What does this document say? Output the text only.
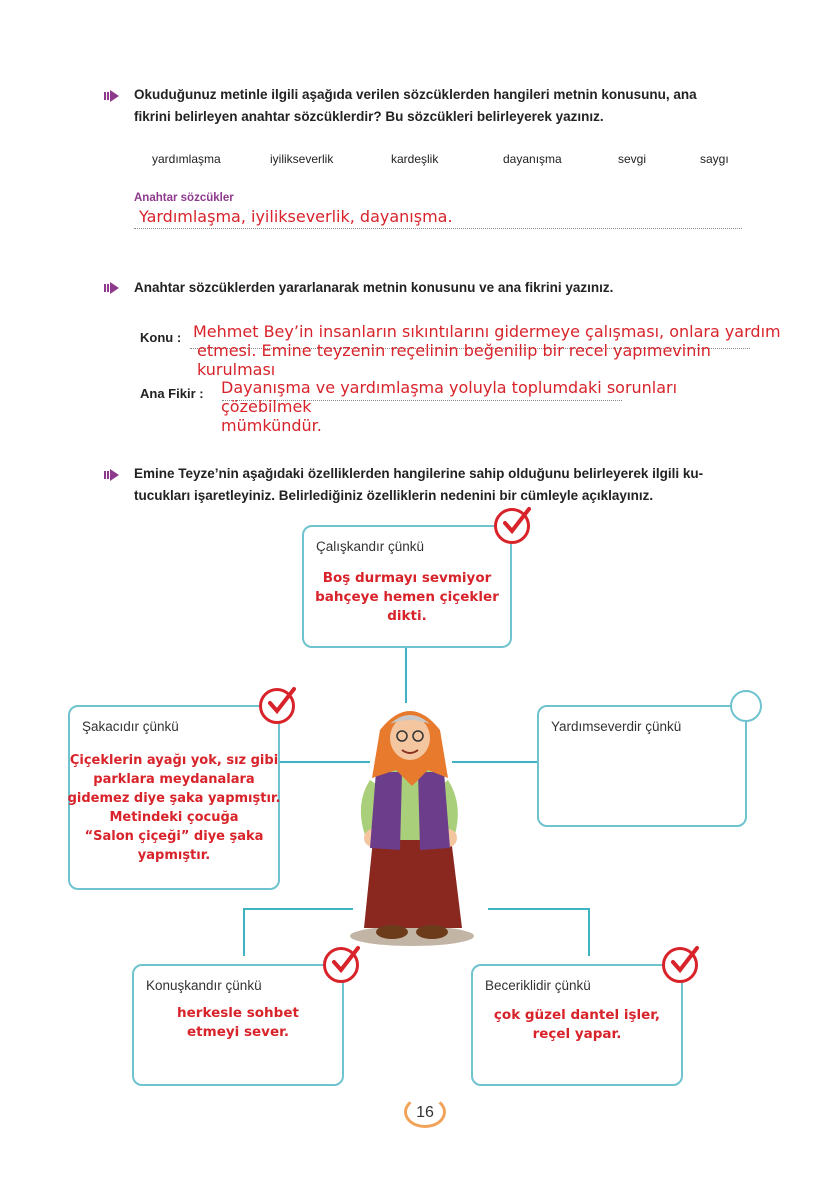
Okuduğunuz metinle ilgili aşağıda verilen sözcüklerden hangileri metnin konusunu, ana
fikrini belirleyen anahtar sözcüklerdir? Bu sözcükleri belirleyerek yazınız.
yardımlaşma	iyilikseverlik	kardeşlik	dayanışma	sevgi	saygı
Anahtar sözcükler
Yardımlaşma, iyilikseverlik, dayanışma.
Anahtar sözcüklerden yararlanarak metnin konusunu ve ana fikrini yazınız.
Konu : Mehmet Bey’in insanların sıkıntılarını gidermeye çalışması, onlara yardım
etmesi. Emine teyzenin reçelinin beğenilip bir recel yapımevinin kurulması
Ana Fikir : Dayanışma ve yardımlaşma yoluyla toplumdaki sorunları çözebilmek
mümkündür.
Emine Teyze’nin aşağıdaki özelliklerden hangilerine sahip olduğunu belirleyerek ilgili ku-
tucukları işaretleyiniz. Belirlediğiniz özelliklerin nedenini bir cümleyle açıklayınız.
Çalışkandır çünkü
Boş durmayı sevmiyor
bahçeye hemen çiçekler
dikti.
Şakacıdır çünkü
Çiçeklerin ayağı yok, sız gibi
parklara meydanalara
gidemez diye şaka yapmıştır.
Metindeki çocuğa
“Salon çiçeği” diye şaka
yapmıştır.
Yardımseverdir çünkü
Konuşkandır çünkü
herkesle sohbet
etmeyi sever.
Beceriklidir çünkü
çok güzel dantel işler,
reçel yapar.
16
